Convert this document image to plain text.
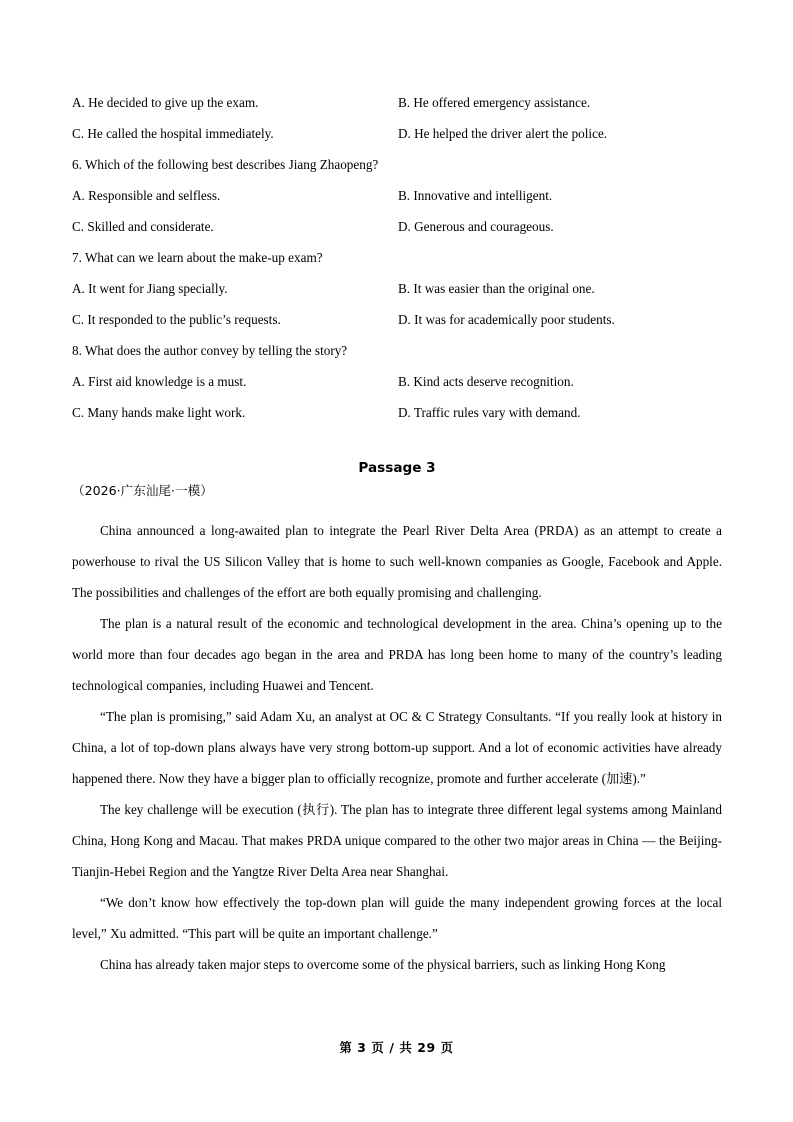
A. He decided to give up the exam.	B. He offered emergency assistance.
C. He called the hospital immediately.	D. He helped the driver alert the police.

6. Which of the following best describes Jiang Zhaopeng?

A. Responsible and selfless.	B. Innovative and intelligent.
C. Skilled and considerate.	D. Generous and courageous.

7. What can we learn about the make-up exam?

A. It went for Jiang specially.	B. It was easier than the original one.
C. It responded to the public’s requests.	D. It was for academically poor students.

8. What does the author convey by telling the story?

A. First aid knowledge is a must.	B. Kind acts deserve recognition.
C. Many hands make light work.	D. Traffic rules vary with demand.
Passage 3

（2026·广东汕尾·一模）

China announced a long-awaited plan to integrate the Pearl River Delta Area (PRDA) as an attempt to create a powerhouse to rival the US Silicon Valley that is home to such well-known companies as Google, Facebook and Apple. The possibilities and challenges of the effort are both equally promising and challenging.

The plan is a natural result of the economic and technological development in the area. China’s opening up to the world more than four decades ago began in the area and PRDA has long been home to many of the country’s leading technological companies, including Huawei and Tencent.

“The plan is promising,” said Adam Xu, an analyst at OC & C Strategy Consultants. “If you really look at history in China, a lot of top-down plans always have very strong bottom-up support. And a lot of economic activities have already happened there. Now they have a bigger plan to officially recognize, promote and further accelerate (加速).”

The key challenge will be execution (执行). The plan has to integrate three different legal systems among Mainland China, Hong Kong and Macau. That makes PRDA unique compared to the other two major areas in China — the Beijing-Tianjin-Hebei Region and the Yangtze River Delta Area near Shanghai.

“We don’t know how effectively the top-down plan will guide the many independent growing forces at the local level,” Xu admitted. “This part will be quite an important challenge.”

China has already taken major steps to overcome some of the physical barriers, such as linking Hong Kong

第 3 页 / 共 29 页
